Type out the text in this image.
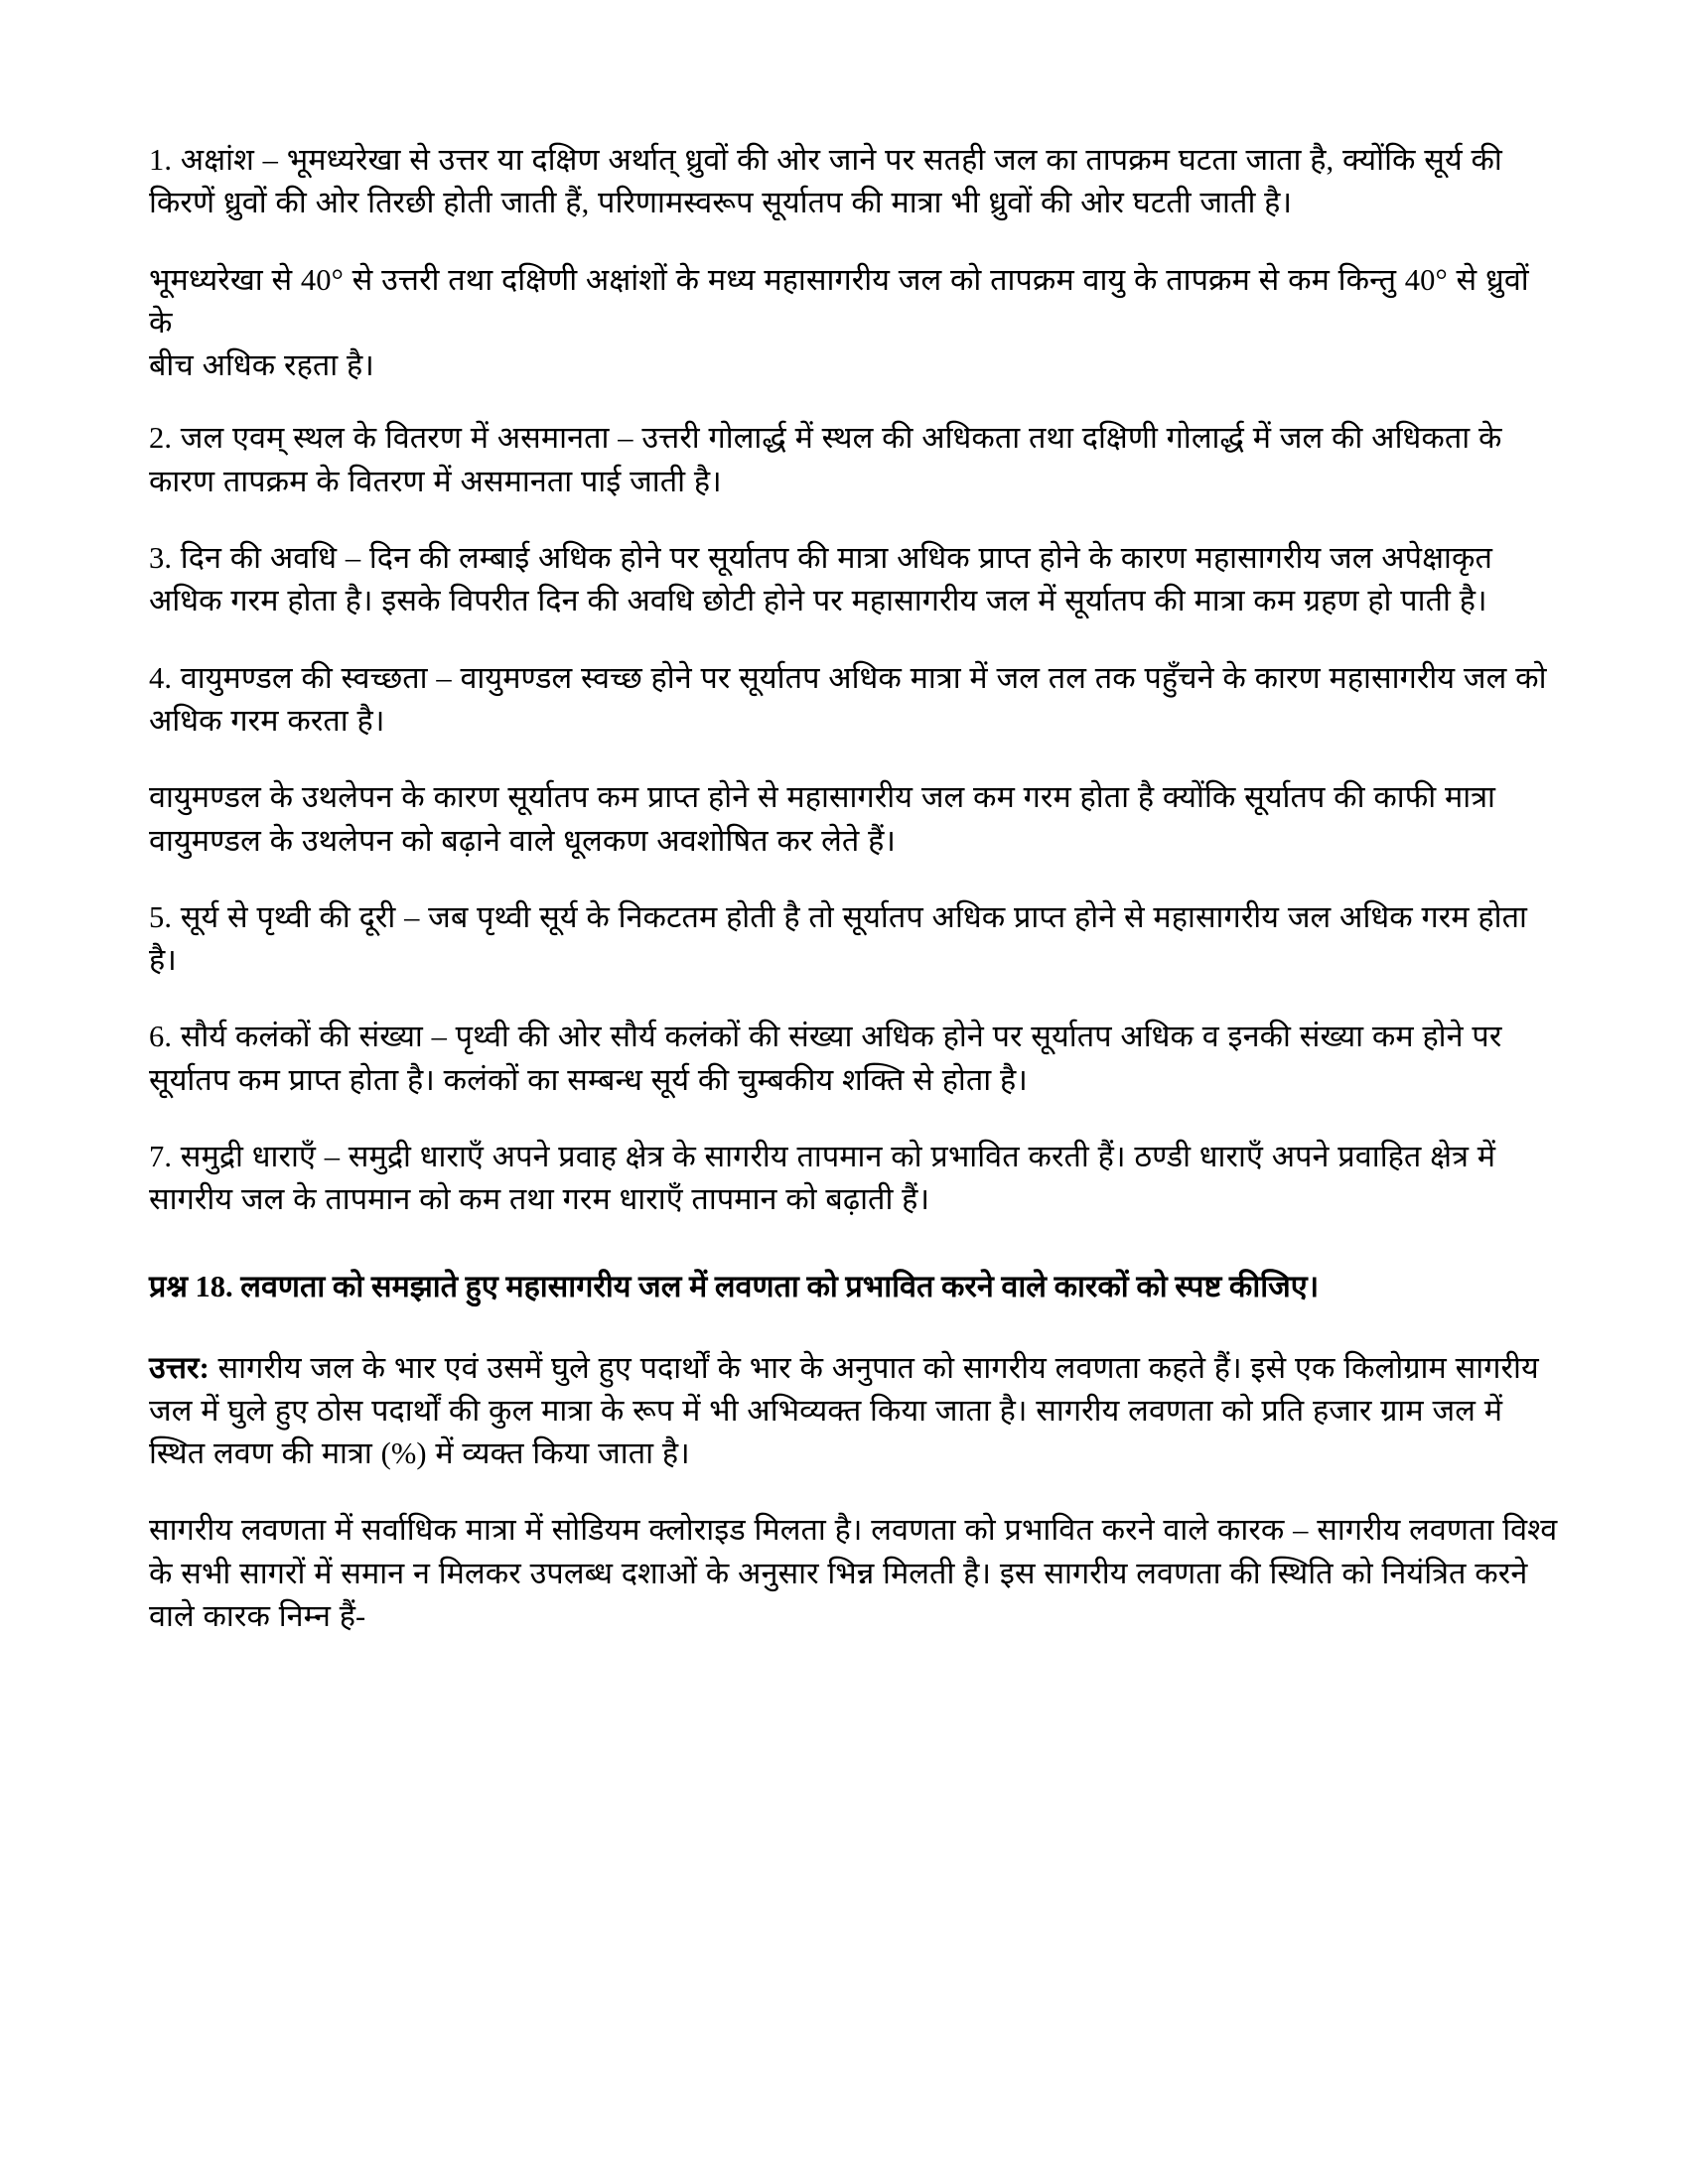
1. अक्षांश – भूमध्यरेखा से उत्तर या दक्षिण अर्थात् ध्रुवों की ओर जाने पर सतही जल का तापक्रम घटता जाता है, क्योंकि सूर्य की किरणें ध्रुवों की ओर तिरछी होती जाती हैं, परिणामस्वरूप सूर्यातप की मात्रा भी ध्रुवों की ओर घटती जाती है।

भूमध्यरेखा से 40° से उत्तरी तथा दक्षिणी अक्षांशों के मध्य महासागरीय जल को तापक्रम वायु के तापक्रम से कम किन्तु 40° से ध्रुवों के
बीच अधिक रहता है।

2. जल एवम् स्थल के वितरण में असमानता – उत्तरी गोलार्द्ध में स्थल की अधिकता तथा दक्षिणी गोलार्द्ध में जल की अधिकता के कारण तापक्रम के वितरण में असमानता पाई जाती है।

3. दिन की अवधि – दिन की लम्बाई अधिक होने पर सूर्यातप की मात्रा अधिक प्राप्त होने के कारण महासागरीय जल अपेक्षाकृत अधिक गरम होता है। इसके विपरीत दिन की अवधि छोटी होने पर महासागरीय जल में सूर्यातप की मात्रा कम ग्रहण हो पाती है।

4. वायुमण्डल की स्वच्छता – वायुमण्डल स्वच्छ होने पर सूर्यातप अधिक मात्रा में जल तल तक पहुँचने के कारण महासागरीय जल को अधिक गरम करता है।

वायुमण्डल के उथलेपन के कारण सूर्यातप कम प्राप्त होने से महासागरीय जल कम गरम होता है क्योंकि सूर्यातप की काफी मात्रा वायुमण्डल के उथलेपन को बढ़ाने वाले धूलकण अवशोषित कर लेते हैं।

5. सूर्य से पृथ्वी की दूरी – जब पृथ्वी सूर्य के निकटतम होती है तो सूर्यातप अधिक प्राप्त होने से महासागरीय जल अधिक गरम होता है।

6. सौर्य कलंकों की संख्या – पृथ्वी की ओर सौर्य कलंकों की संख्या अधिक होने पर सूर्यातप अधिक व इनकी संख्या कम होने पर सूर्यातप कम प्राप्त होता है। कलंकों का सम्बन्ध सूर्य की चुम्बकीय शक्ति से होता है।

7. समुद्री धाराएँ – समुद्री धाराएँ अपने प्रवाह क्षेत्र के सागरीय तापमान को प्रभावित करती हैं। ठण्डी धाराएँ अपने प्रवाहित क्षेत्र में सागरीय जल के तापमान को कम तथा गरम धाराएँ तापमान को बढ़ाती हैं।

प्रश्न 18. लवणता को समझाते हुए महासागरीय जल में लवणता को प्रभावित करने वाले कारकों को स्पष्ट कीजिए।

उत्तर: सागरीय जल के भार एवं उसमें घुले हुए पदार्थों के भार के अनुपात को सागरीय लवणता कहते हैं। इसे एक किलोग्राम सागरीय जल में घुले हुए ठोस पदार्थों की कुल मात्रा के रूप में भी अभिव्यक्त किया जाता है। सागरीय लवणता को प्रति हजार ग्राम जल में स्थित लवण की मात्रा (%) में व्यक्त किया जाता है।

सागरीय लवणता में सर्वाधिक मात्रा में सोडियम क्लोराइड मिलता है। लवणता को प्रभावित करने वाले कारक – सागरीय लवणता विश्व के सभी सागरों में समान न मिलकर उपलब्ध दशाओं के अनुसार भिन्न मिलती है। इस सागरीय लवणता की स्थिति को नियंत्रित करने वाले कारक निम्न हैं-
